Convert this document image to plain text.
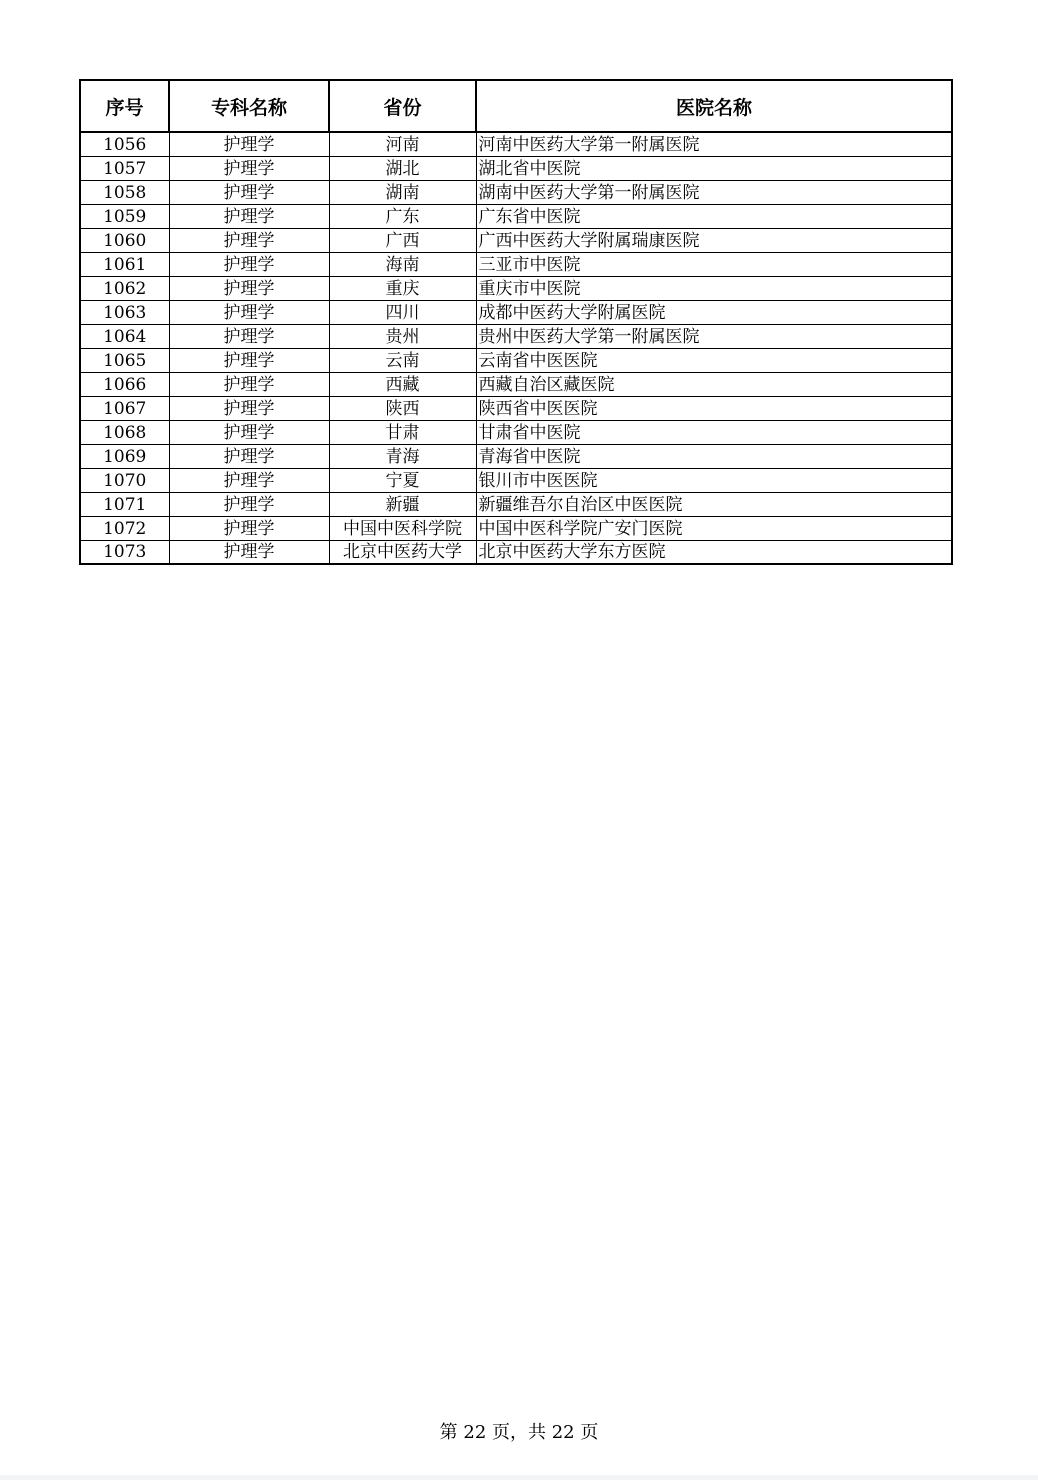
序号	专科名称	省份	医院名称
1056	护理学	河南	河南中医药大学第一附属医院
1057	护理学	湖北	湖北省中医院
1058	护理学	湖南	湖南中医药大学第一附属医院
1059	护理学	广东	广东省中医院
1060	护理学	广西	广西中医药大学附属瑞康医院
1061	护理学	海南	三亚市中医院
1062	护理学	重庆	重庆市中医院
1063	护理学	四川	成都中医药大学附属医院
1064	护理学	贵州	贵州中医药大学第一附属医院
1065	护理学	云南	云南省中医医院
1066	护理学	西藏	西藏自治区藏医院
1067	护理学	陕西	陕西省中医医院
1068	护理学	甘肃	甘肃省中医院
1069	护理学	青海	青海省中医院
1070	护理学	宁夏	银川市中医医院
1071	护理学	新疆	新疆维吾尔自治区中医医院
1072	护理学	中国中医科学院	中国中医科学院广安门医院
1073	护理学	北京中医药大学	北京中医药大学东方医院
第 22 页，共 22 页
